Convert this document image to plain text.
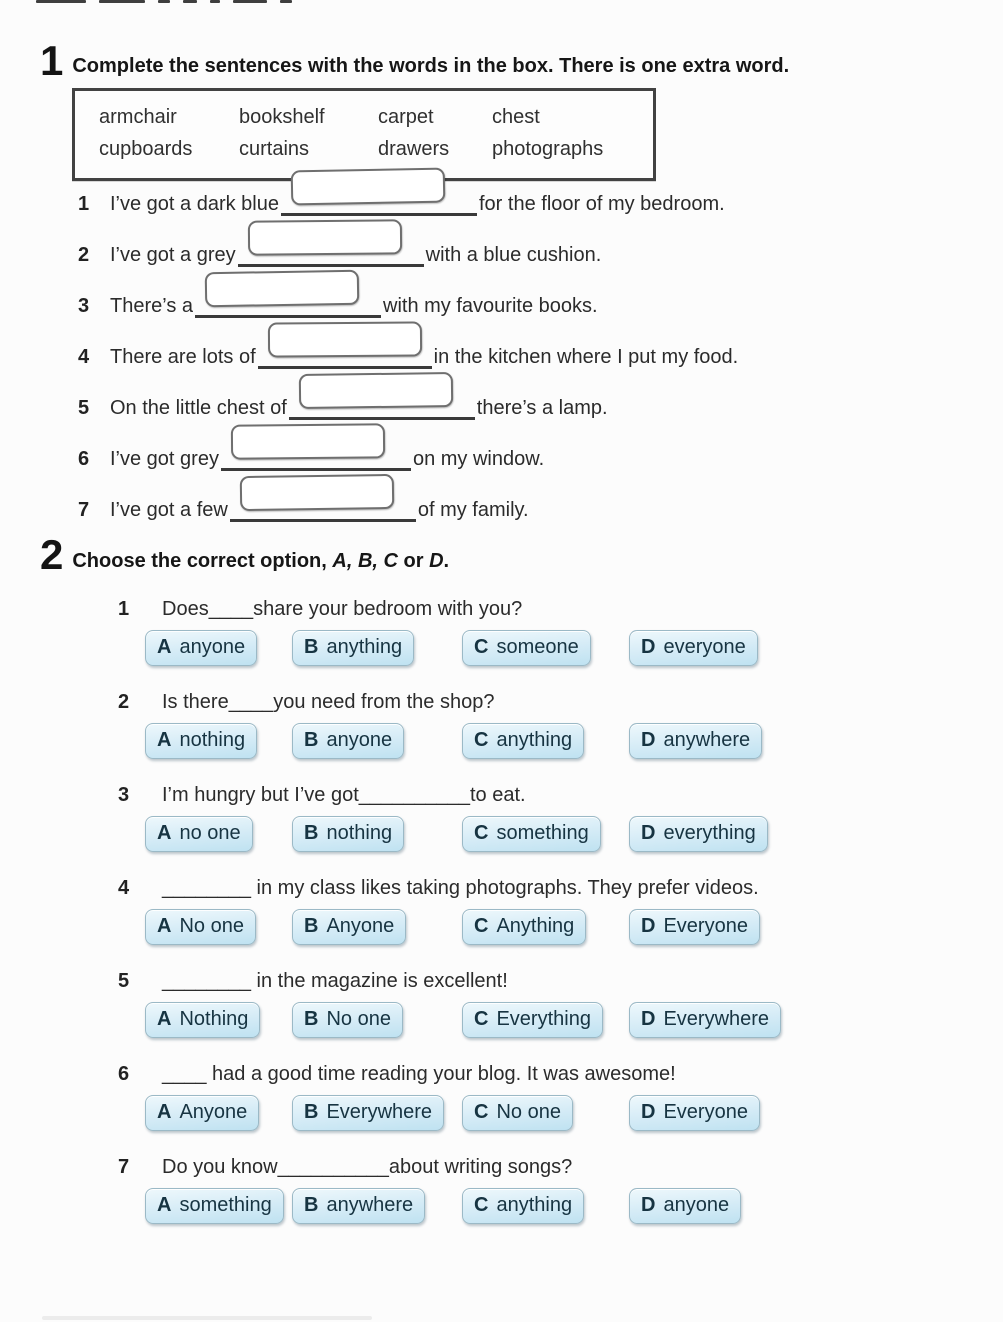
1 Complete the sentences with the words in the box. There is one extra word.
armchair	bookshelf	carpet	chest
cupboards	curtains	drawers	photographs
1	I’ve got a dark blue	for the floor of my bedroom.
2	I’ve got a grey	with a blue cushion.
3	There’s a	with my favourite books.
4	There are lots of	in the kitchen where I put my food.
5	On the little chest of	there’s a lamp.
6	I’ve got grey	on my window.
7	I’ve got a few	of my family.
2 Choose the correct option, A, B, C or D.
1	Does____share your bedroom with you?
A anyone	B anything	C someone	D everyone
2	Is there____you need from the shop?
A nothing	B anyone	C anything	D anywhere
3	I’m hungry but I’ve got__________to eat.
A no one	B nothing	C something	D everything
4	________ in my class likes taking photographs. They prefer videos.
A No one	B Anyone	C Anything	D Everyone
5	________ in the magazine is excellent!
A Nothing	B No one	C Everything	D Everywhere
6	____ had a good time reading your blog. It was awesome!
A Anyone	B Everywhere C No one	D Everyone
7	Do you know__________about writing songs?
A something B anywhere	C anything	D anyone
